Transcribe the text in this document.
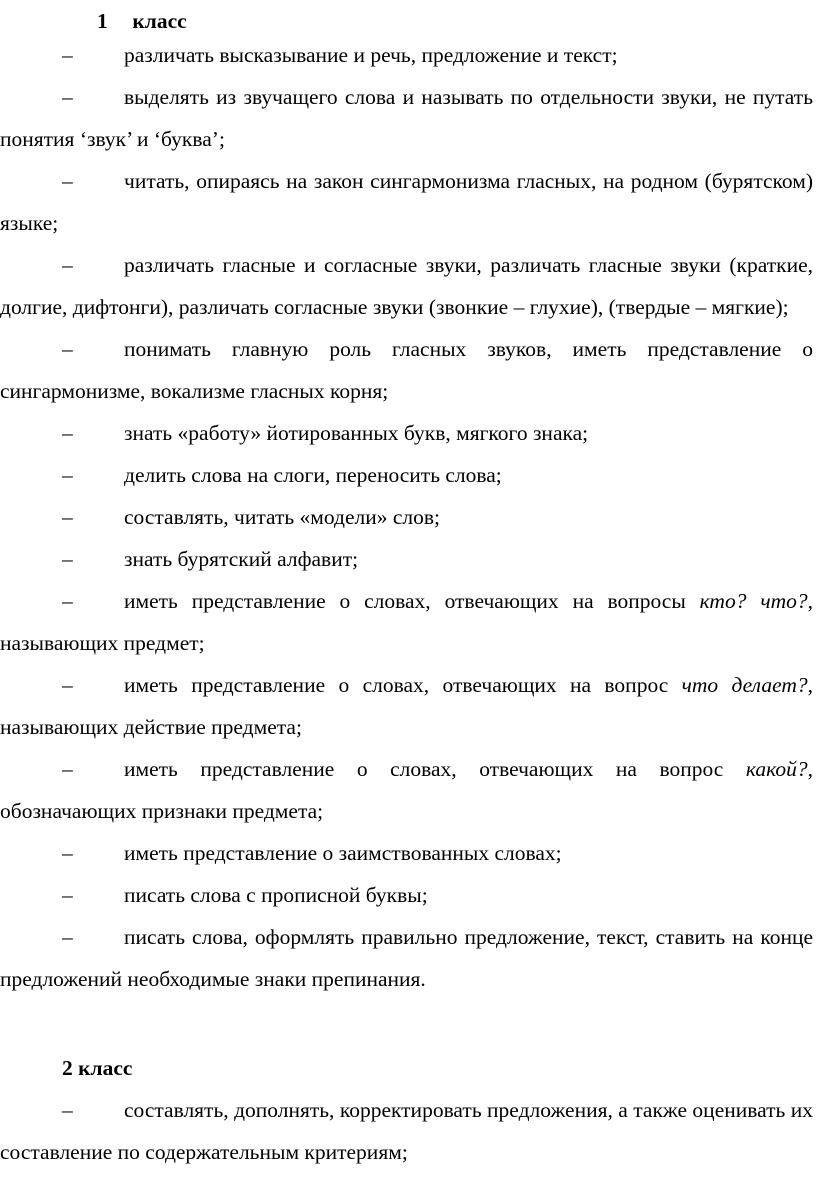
1 класс
– различать высказывание и речь, предложение и текст;
– выделять из звучащего слова и называть по отдельности звуки, не путать понятия ‘звук’ и ‘буква’;
– читать, опираясь на закон сингармонизма гласных, на родном (бурятском) языке;
– различать гласные и согласные звуки, различать гласные звуки (краткие, долгие, дифтонги), различать согласные звуки (звонкие – глухие), (твердые – мягкие);
– понимать главную роль гласных звуков, иметь представление о сингармонизме, вокализме гласных корня;
– знать «работу» йотированных букв, мягкого знака;
– делить слова на слоги, переносить слова;
– составлять, читать «модели» слов;
– знать бурятский алфавит;
– иметь представление о словах, отвечающих на вопросы кто? что?, называющих предмет;
– иметь представление о словах, отвечающих на вопрос что делает?, называющих действие предмета;
– иметь представление о словах, отвечающих на вопрос какой?, обозначающих признаки предмета;
– иметь представление о заимствованных словах;
– писать слова с прописной буквы;
– писать слова, оформлять правильно предложение, текст, ставить на конце предложений необходимые знаки препинания.
2 класс
– составлять, дополнять, корректировать предложения, а также оценивать их составление по содержательным критериям;
